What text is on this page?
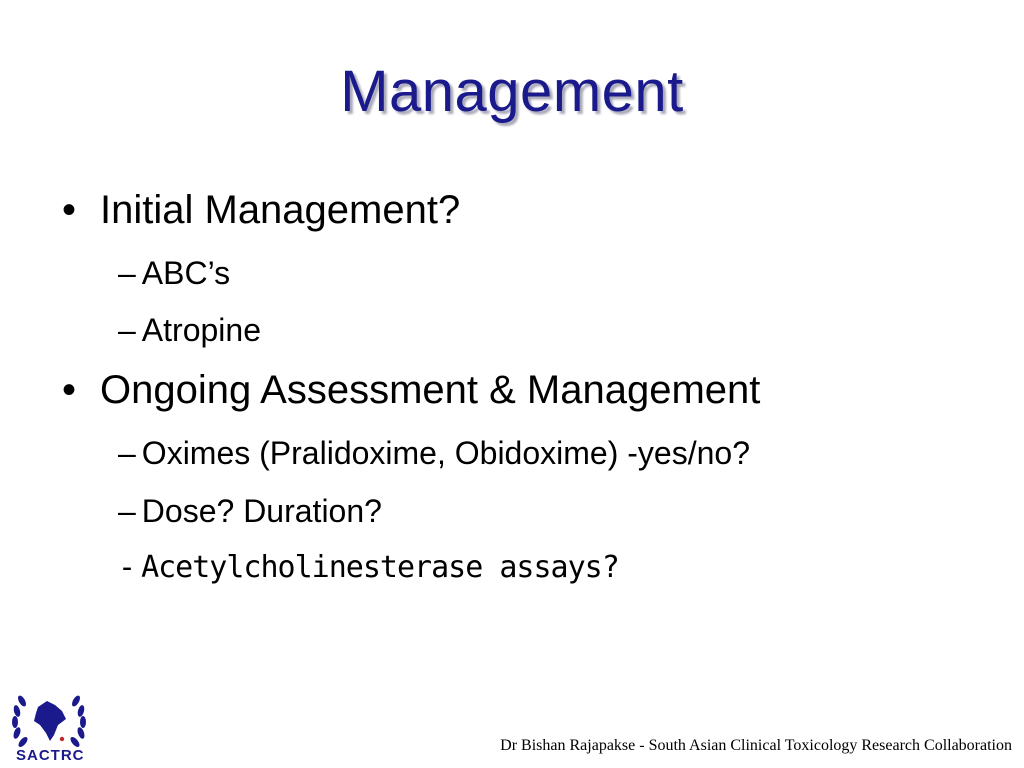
Management
• Initial Management?
– ABC’s
– Atropine
• Ongoing Assessment & Management
– Oximes (Pralidoxime, Obidoxime) -yes/no?
– Dose? Duration?
- Acetylcholinesterase assays?
SACTRC
Dr Bishan Rajapakse - South Asian Clinical Toxicology Research Collaboration
